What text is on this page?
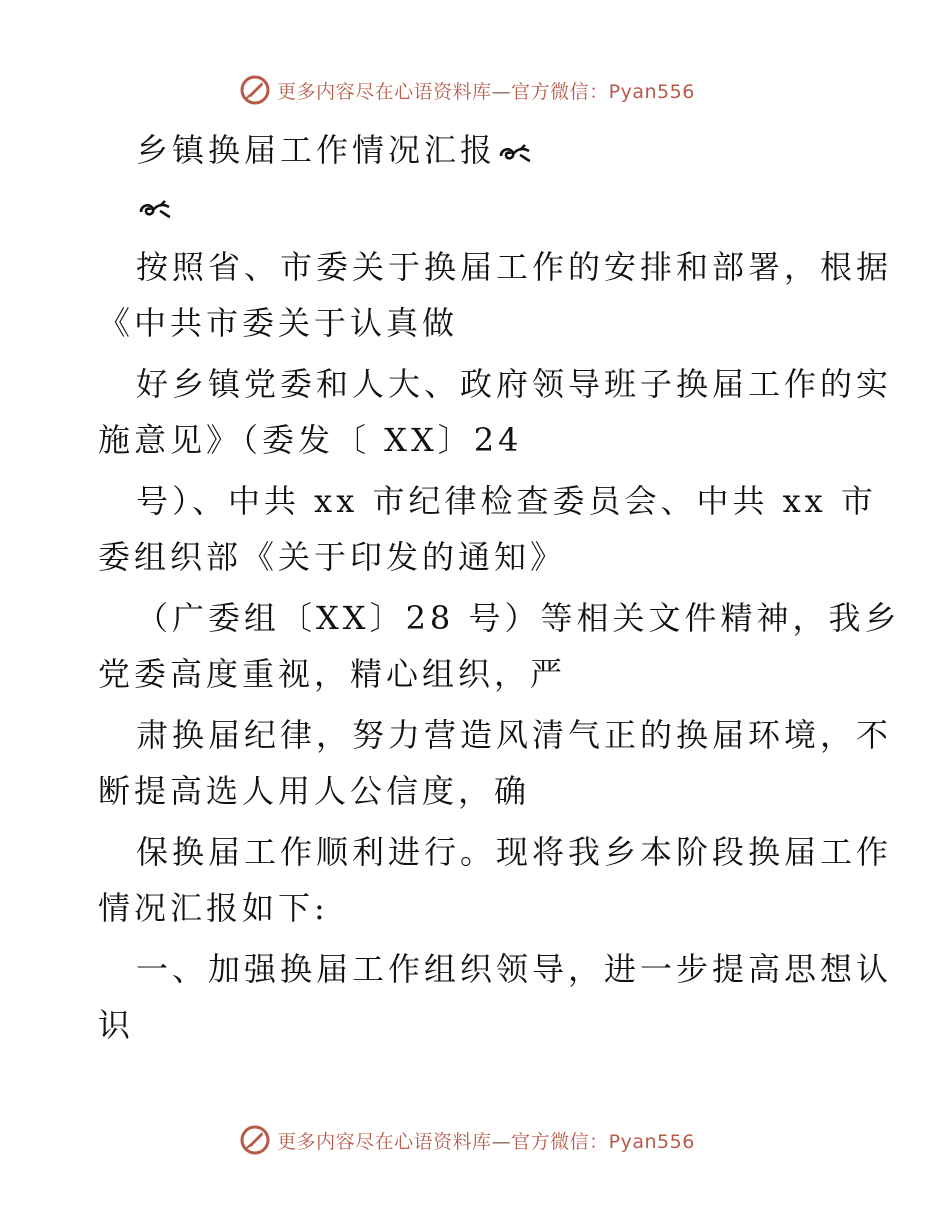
更多内容尽在心语资料库—官方微信：Pyan556
乡镇换届工作情况汇报
按照省、市委关于换届工作的安排和部署，根据
《中共市委关于认真做
好乡镇党委和人大、政府领导班子换届工作的实
施意见》（委发〔 XX〕24
号）、中共 xx 市纪律检查委员会、中共 xx 市
委组织部《关于印发的通知》
（广委组〔XX〕28 号）等相关文件精神，我乡
党委高度重视，精心组织，严
肃换届纪律，努力营造风清气正的换届环境，不
断提高选人用人公信度，确
保换届工作顺利进行。现将我乡本阶段换届工作
情况汇报如下:
一、加强换届工作组织领导，进一步提高思想认
识
更多内容尽在心语资料库—官方微信：Pyan556
